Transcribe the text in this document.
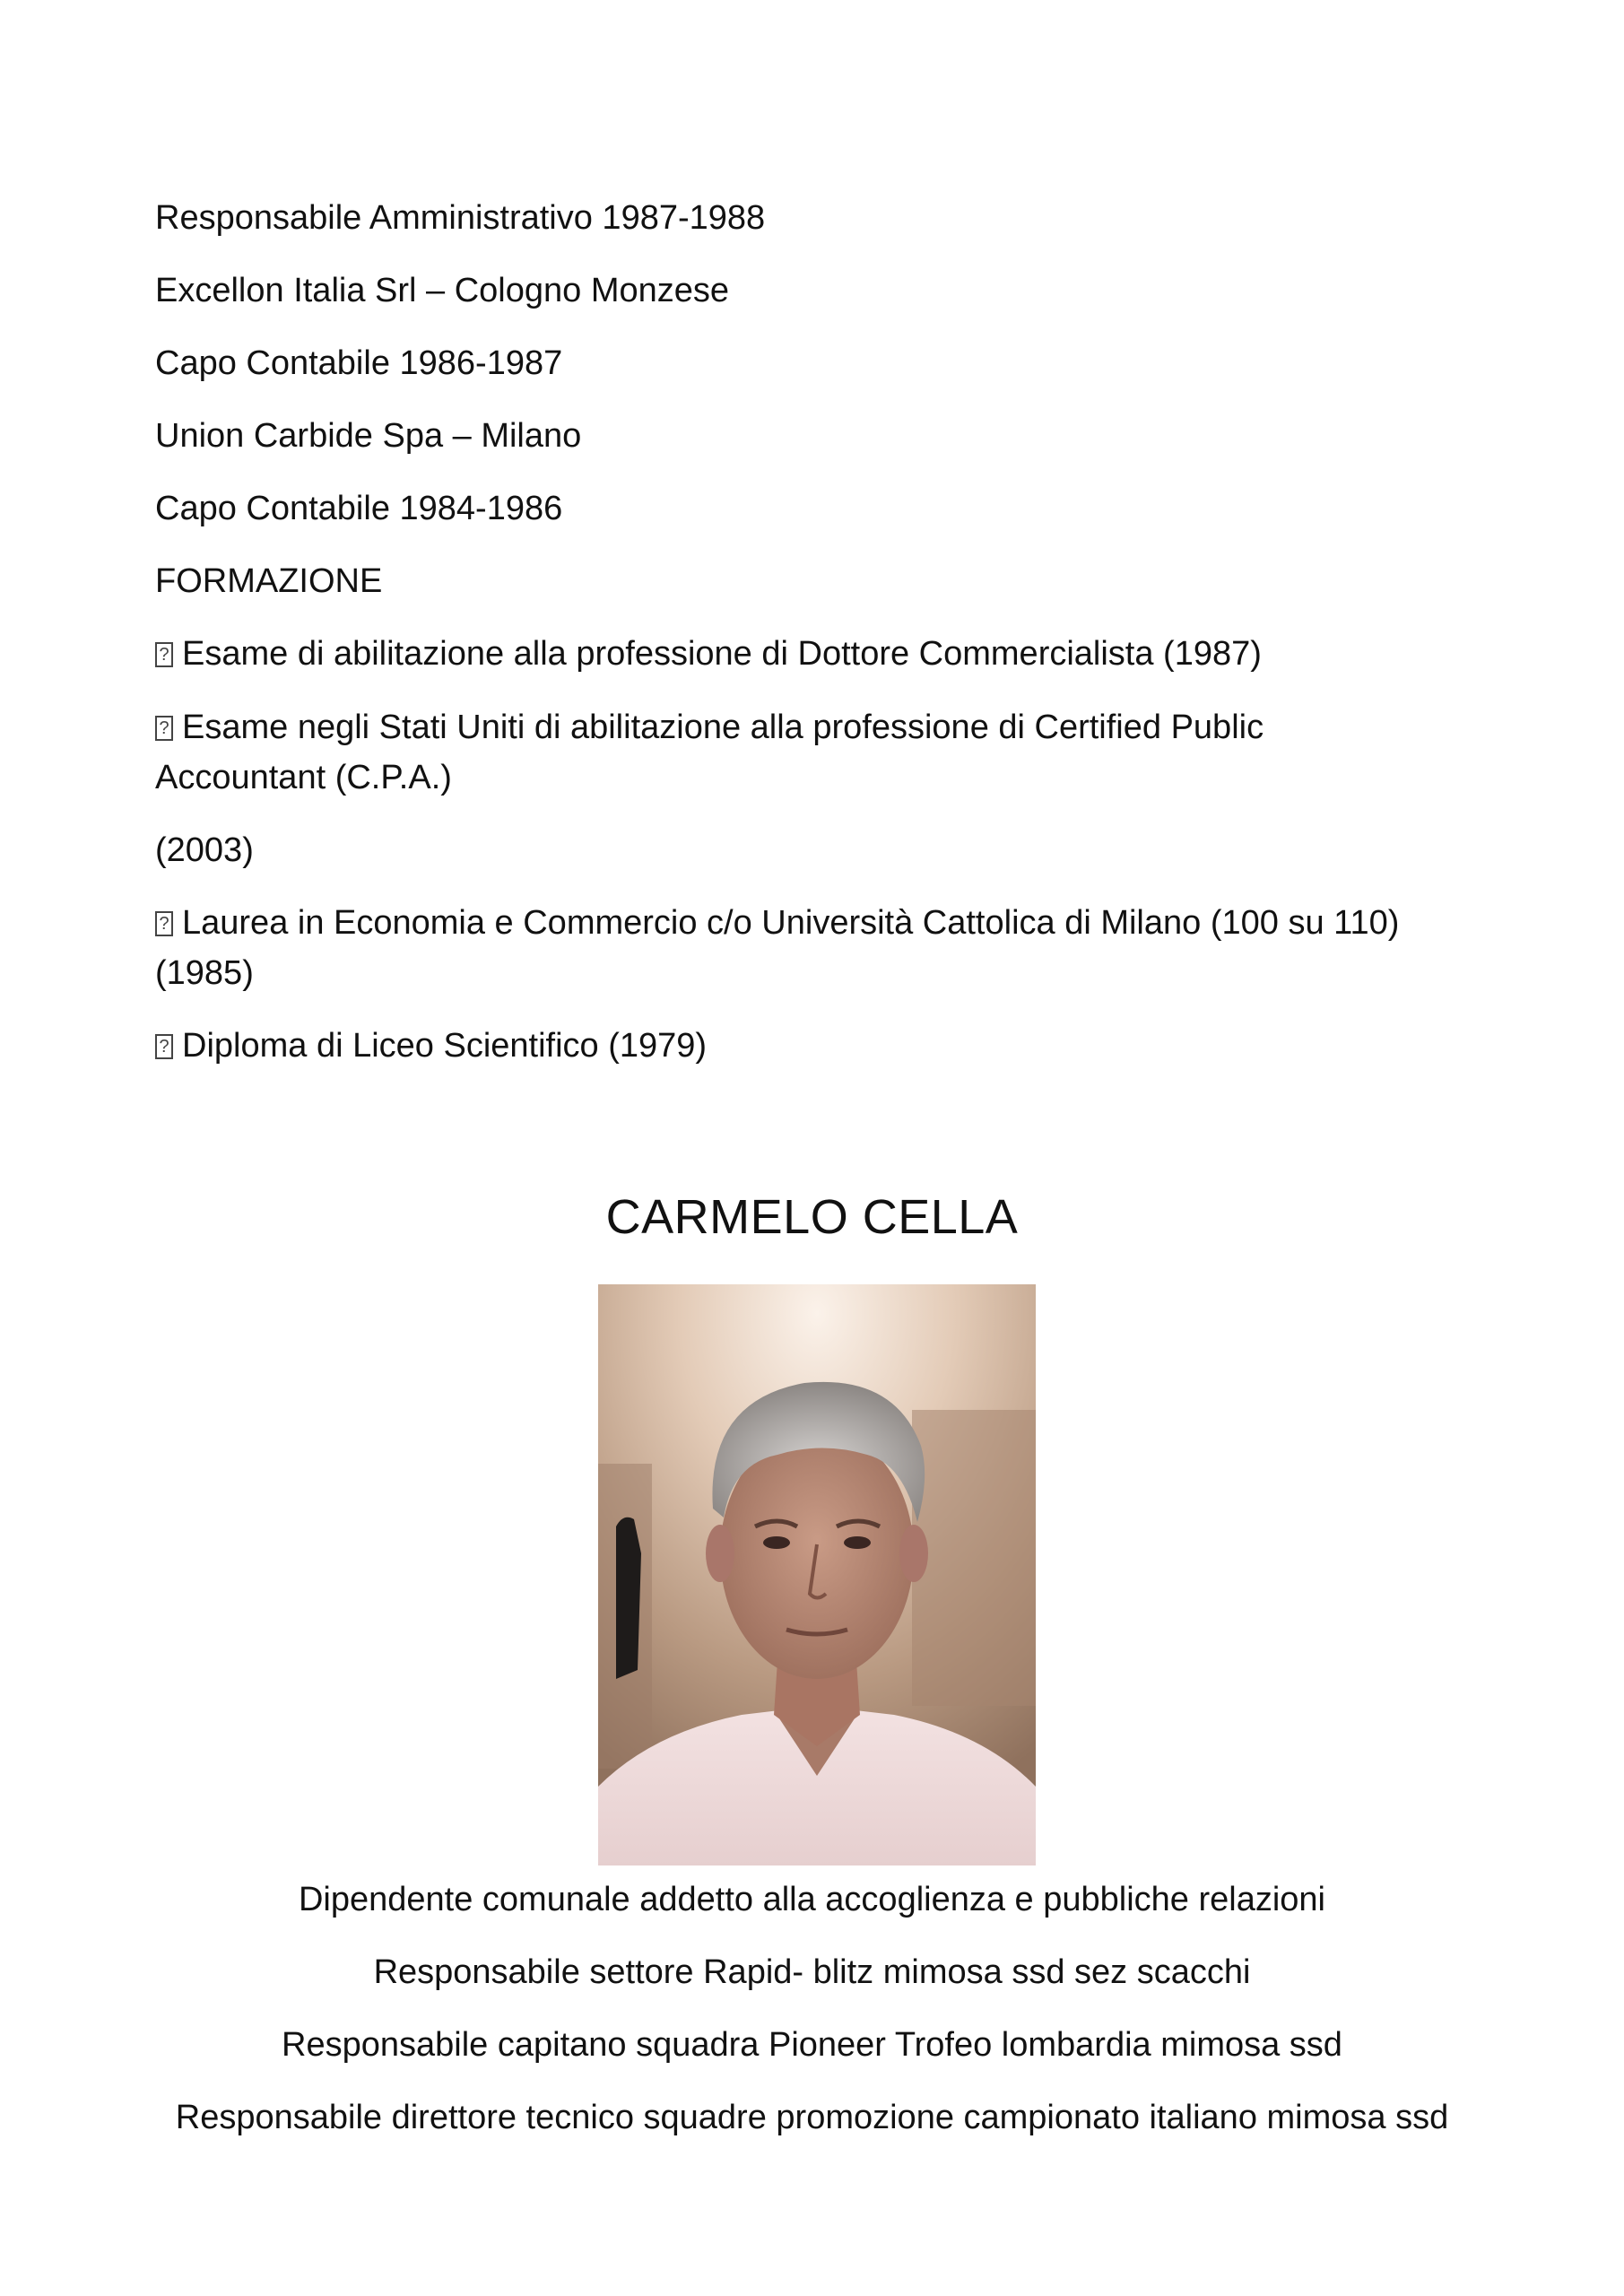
Responsabile Amministrativo 1987-1988
Excellon Italia Srl – Cologno Monzese
Capo Contabile 1986-1987
Union Carbide Spa – Milano
Capo Contabile 1984-1986
FORMAZIONE
?Esame di abilitazione alla professione di Dottore Commercialista (1987)
?Esame negli Stati Uniti di abilitazione alla professione di Certified Public
Accountant (C.P.A.)
(2003)
?Laurea in Economia e Commercio c/o Università Cattolica di Milano (100 su 110)
(1985)
?Diploma di Liceo Scientifico (1979)
CARMELO CELLA
Dipendente comunale addetto alla accoglienza e pubbliche relazioni
Responsabile settore Rapid- blitz mimosa ssd sez scacchi
Responsabile capitano squadra Pioneer Trofeo lombardia mimosa ssd
Responsabile direttore tecnico squadre promozione campionato italiano mimosa ssd
